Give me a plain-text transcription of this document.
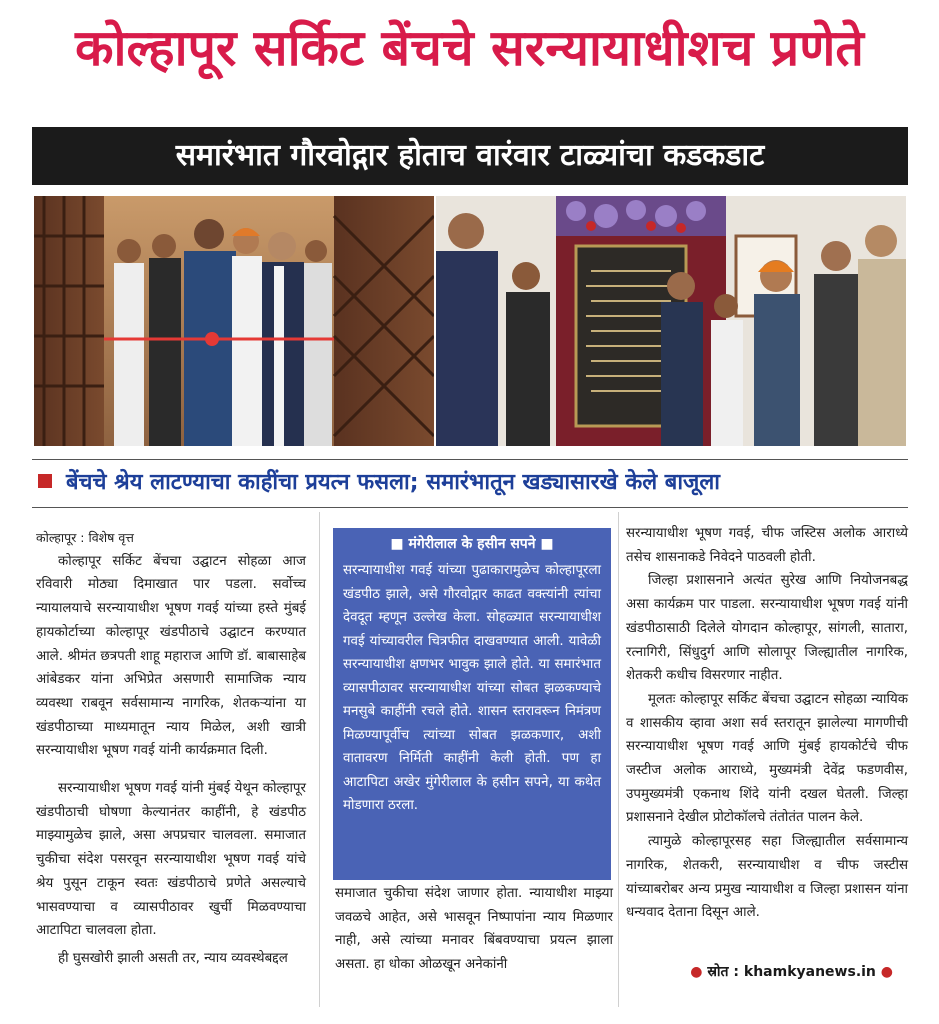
कोल्हापूर सर्किट बेंचचे सरन्यायाधीशच प्रणेते
समारंभात गौरवोद्गार होताच वारंवार टाळ्यांचा कडकडाट
बेंचचे श्रेय लाटण्याचा काहींचा प्रयत्न फसला; समारंभातून खड्यासारखे केले बाजूला

कोल्हापूर : विशेष वृत्त

कोल्हापूर सर्किट बेंचचा उद्घाटन सोहळा आज रविवारी मोठ्या दिमाखात पार पडला. सर्वोच्च न्यायालयाचे सरन्यायाधीश भूषण गवई यांच्या हस्ते मुंबई हायकोर्टाच्या कोल्हापूर खंडपीठाचे उद्घाटन करण्यात आले. श्रीमंत छत्रपती शाहू महाराज आणि डॉ. बाबासाहेब आंबेडकर यांना अभिप्रेत असणारी सामाजिक न्याय व्यवस्था राबवून सर्वसामान्य नागरिक, शेतकऱ्यांना या खंडपीठाच्या माध्यमातून न्याय मिळेल, अशी खात्री सरन्यायाधीश भूषण गवई यांनी कार्यक्रमात दिली.

सरन्यायाधीश भूषण गवई यांनी मुंबई येथून कोल्हापूर खंडपीठाची घोषणा केल्यानंतर काहींनी, हे खंडपीठ माझ्यामुळेच झाले, असा अपप्रचार चालवला. समाजात चुकीचा संदेश पसरवून सरन्यायाधीश भूषण गवई यांचे श्रेय पुसून टाकून स्वतः खंडपीठाचे प्रणेते असल्याचे भासवण्याचा व व्यासपीठावर खुर्ची मिळवण्याचा आटापिटा चालवला होता.

ही घुसखोरी झाली असती तर, न्याय व्यवस्थेबद्दल

■ मंगेरीलाल के हसीन सपने ■
सरन्यायाधीश गवई यांच्या पुढाकारामुळेच कोल्हापूरला खंडपीठ झाले, असे गौरवोद्गार काढत वक्त्यांनी त्यांचा देवदूत म्हणून उल्लेख केला. सोहळ्यात सरन्यायाधीश गवई यांच्यावरील चित्रफीत दाखवण्यात आली. यावेळी सरन्यायाधीश क्षणभर भावुक झाले होते. या समारंभात व्यासपीठावर सरन्यायाधीश यांच्या सोबत झळकण्याचे मनसुबे काहींनी रचले होते. शासन स्तरावरून निमंत्रण मिळण्यापूर्वीच त्यांच्या सोबत झळकणार, अशी वातावरण निर्मिती काहींनी केली होती. पण हा आटापिटा अखेर मुंगेरीलाल के हसीन सपने, या कथेत मोडणारा ठरला.

समाजात चुकीचा संदेश जाणार होता. न्यायाधीश माझ्या जवळचे आहेत, असे भासवून निष्पापांना न्याय मिळणार नाही, असे त्यांच्या मनावर बिंबवण्याचा प्रयत्न झाला असता. हा धोका ओळखून अनेकांनी

सरन्यायाधीश भूषण गवई, चीफ जस्टिस अलोक आराध्ये तसेच शासनाकडे निवेदने पाठवली होती.

जिल्हा प्रशासनाने अत्यंत सुरेख आणि नियोजनबद्ध असा कार्यक्रम पार पाडला. सरन्यायाधीश भूषण गवई यांनी खंडपीठासाठी दिलेले योगदान कोल्हापूर, सांगली, सातारा, रत्नागिरी, सिंधुदुर्ग आणि सोलापूर जिल्ह्यातील नागरिक, शेतकरी कधीच विसरणार नाहीत.

मूलतः कोल्हापूर सर्किट बेंचचा उद्घाटन सोहळा न्यायिक व शासकीय व्हावा अशा सर्व स्तरातून झालेल्या मागणीची सरन्यायाधीश भूषण गवई आणि मुंबई हायकोर्टचे चीफ जस्टीज अलोक आराध्ये, मुख्यमंत्री देवेंद्र फडणवीस, उपमुख्यमंत्री एकनाथ शिंदे यांनी दखल घेतली. जिल्हा प्रशासनाने देखील प्रोटोकॉलचे तंतोतंत पालन केले.

त्यामुळे कोल्हापूरसह सहा जिल्ह्यातील सर्वसामान्य नागरिक, शेतकरी, सरन्यायाधीश व चीफ जस्टीस यांच्याबरोबर अन्य प्रमुख न्यायाधीश व जिल्हा प्रशासन यांना धन्यवाद देताना दिसून आले.

● स्रोत : khamkyanews.in ●
